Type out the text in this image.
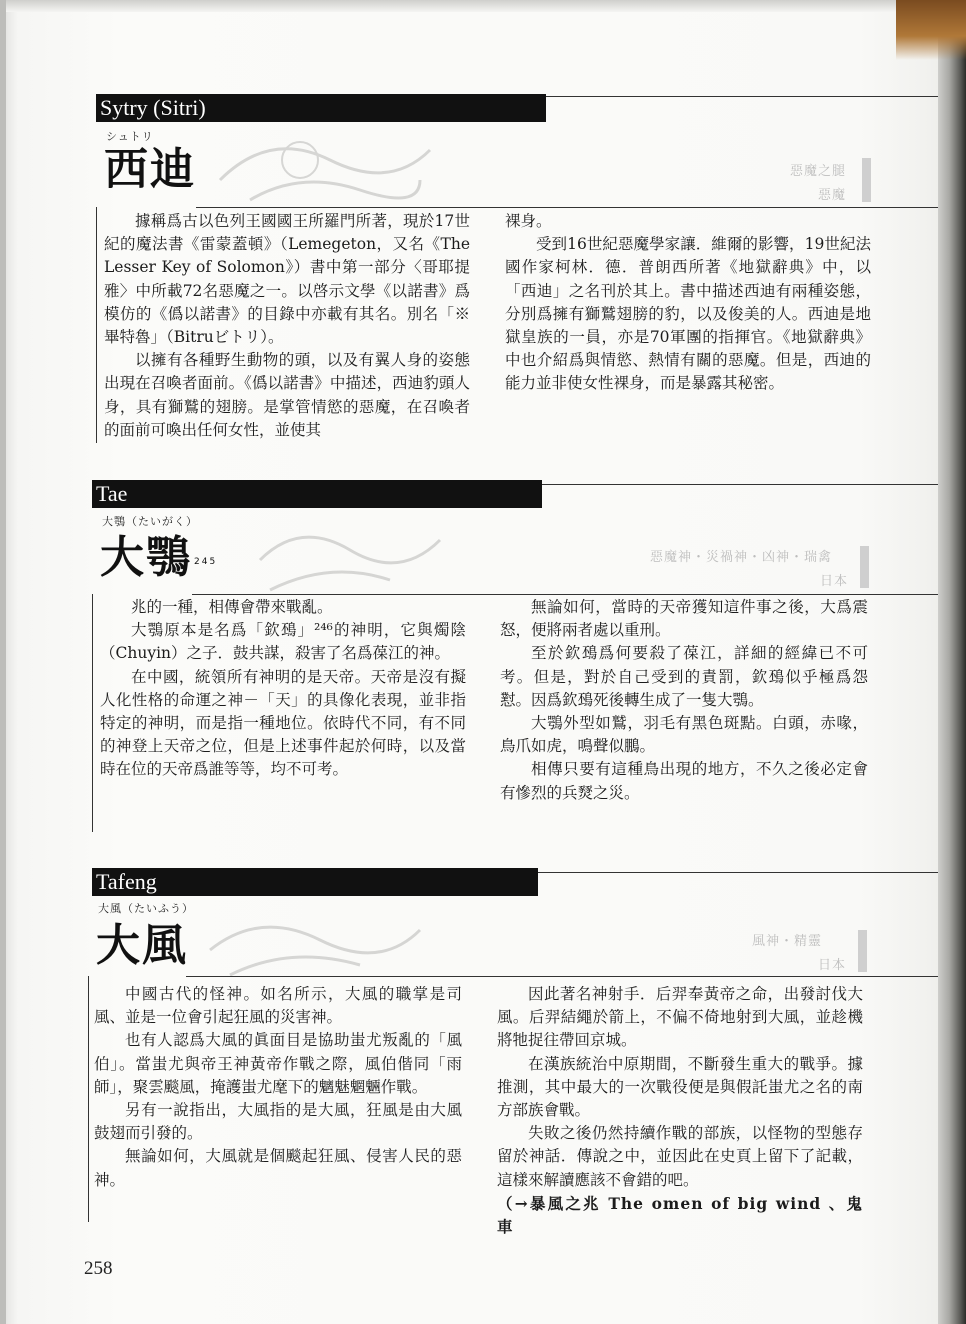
Sytry (Sitri)
シュトリ
西迪	惡魔之腿
惡魔

據稱爲古以色列王國國王所羅門所著，現於17世紀的魔法書《雷蒙蓋頓》（Lemegeton，又名《The Lesser Key of Solomon》）書中第一部分〈哥耶提雅〉中所載72名惡魔之一。以啓示文學《以諾書》爲模仿的《僞以諾書》的目錄中亦載有其名。別名「※畢特魯」（Bitruビトリ）。

以擁有各種野生動物的頭，以及有翼人身的姿態出現在召喚者面前。《僞以諾書》中描述，西迪豹頭人身，具有獅鷲的翅膀。是掌管情慾的惡魔，在召喚者的面前可喚出任何女性，並使其

裸身。

受到16世紀惡魔學家讓．維爾的影響，19世紀法國作家柯林．德．普朗西所著《地獄辭典》中，以「西迪」之名刊於其上。書中描述西迪有兩種姿態，分別爲擁有獅鷲翅膀的豹，以及俊美的人。西迪是地獄皇族的一員，亦是70軍團的指揮官。《地獄辭典》中也介紹爲與情慾、熱情有關的惡魔。但是，西迪的能力並非使女性裸身，而是暴露其秘密。

Tae
大鶚（たいがく）
大鶚 $^{245}$	惡魔神・災禍神・凶神・瑞禽
日本

兆的一種，相傳會帶來戰亂。

大鶚原本是名爲「欽䲹」²⁴⁶的神明，它與燭陰（Chuyin）之子．鼓共謀，殺害了名爲葆江的神。

在中國，統領所有神明的是天帝。天帝是沒有擬人化性格的命運之神－「天」的具像化表現，並非指特定的神明，而是指一種地位。依時代不同，有不同的神登上天帝之位，但是上述事件起於何時，以及當時在位的天帝爲誰等等，均不可考。

無論如何，當時的天帝獲知這件事之後，大爲震怒，便將兩者處以重刑。

至於欽䲹爲何要殺了葆江，詳細的經緯已不可考。但是，對於自己受到的責罰，欽䲹似乎極爲怨懟。因爲欽䲹死後轉生成了一隻大鶚。

大鶚外型如鷲，羽毛有黑色斑點。白頭，赤喙，鳥爪如虎，鳴聲似鵬。

相傳只要有這種鳥出現的地方，不久之後必定會有慘烈的兵燹之災。

Tafeng
大風（たいふう）
大風	風神・精靈
日本

中國古代的怪神。如名所示，大風的職掌是司風、並是一位會引起狂風的災害神。

也有人認爲大風的眞面目是協助蚩尤叛亂的「風伯」。當蚩尤與帝王神黃帝作戰之際，風伯偕同「雨師」，聚雲颷風，掩護蚩尤麾下的魑魅魍魎作戰。

另有一說指出，大風指的是大風，狂風是由大風鼓翅而引發的。

無論如何，大風就是個颷起狂風、侵害人民的惡神。

因此著名神射手．后羿奉黃帝之命，出發討伐大風。后羿結繩於箭上，不偏不倚地射到大風，並趁機將牠捉往帶回京城。

在漢族統治中原期間，不斷發生重大的戰爭。據推測，其中最大的一次戰役便是與假託蚩尤之名的南方部族會戰。

失敗之後仍然持續作戰的部族，以怪物的型態存留於神話．傳說之中，並因此在史頁上留下了記載，這樣來解讀應該不會錯的吧。

（→暴風之兆 The omen of big wind 、鬼車

258
